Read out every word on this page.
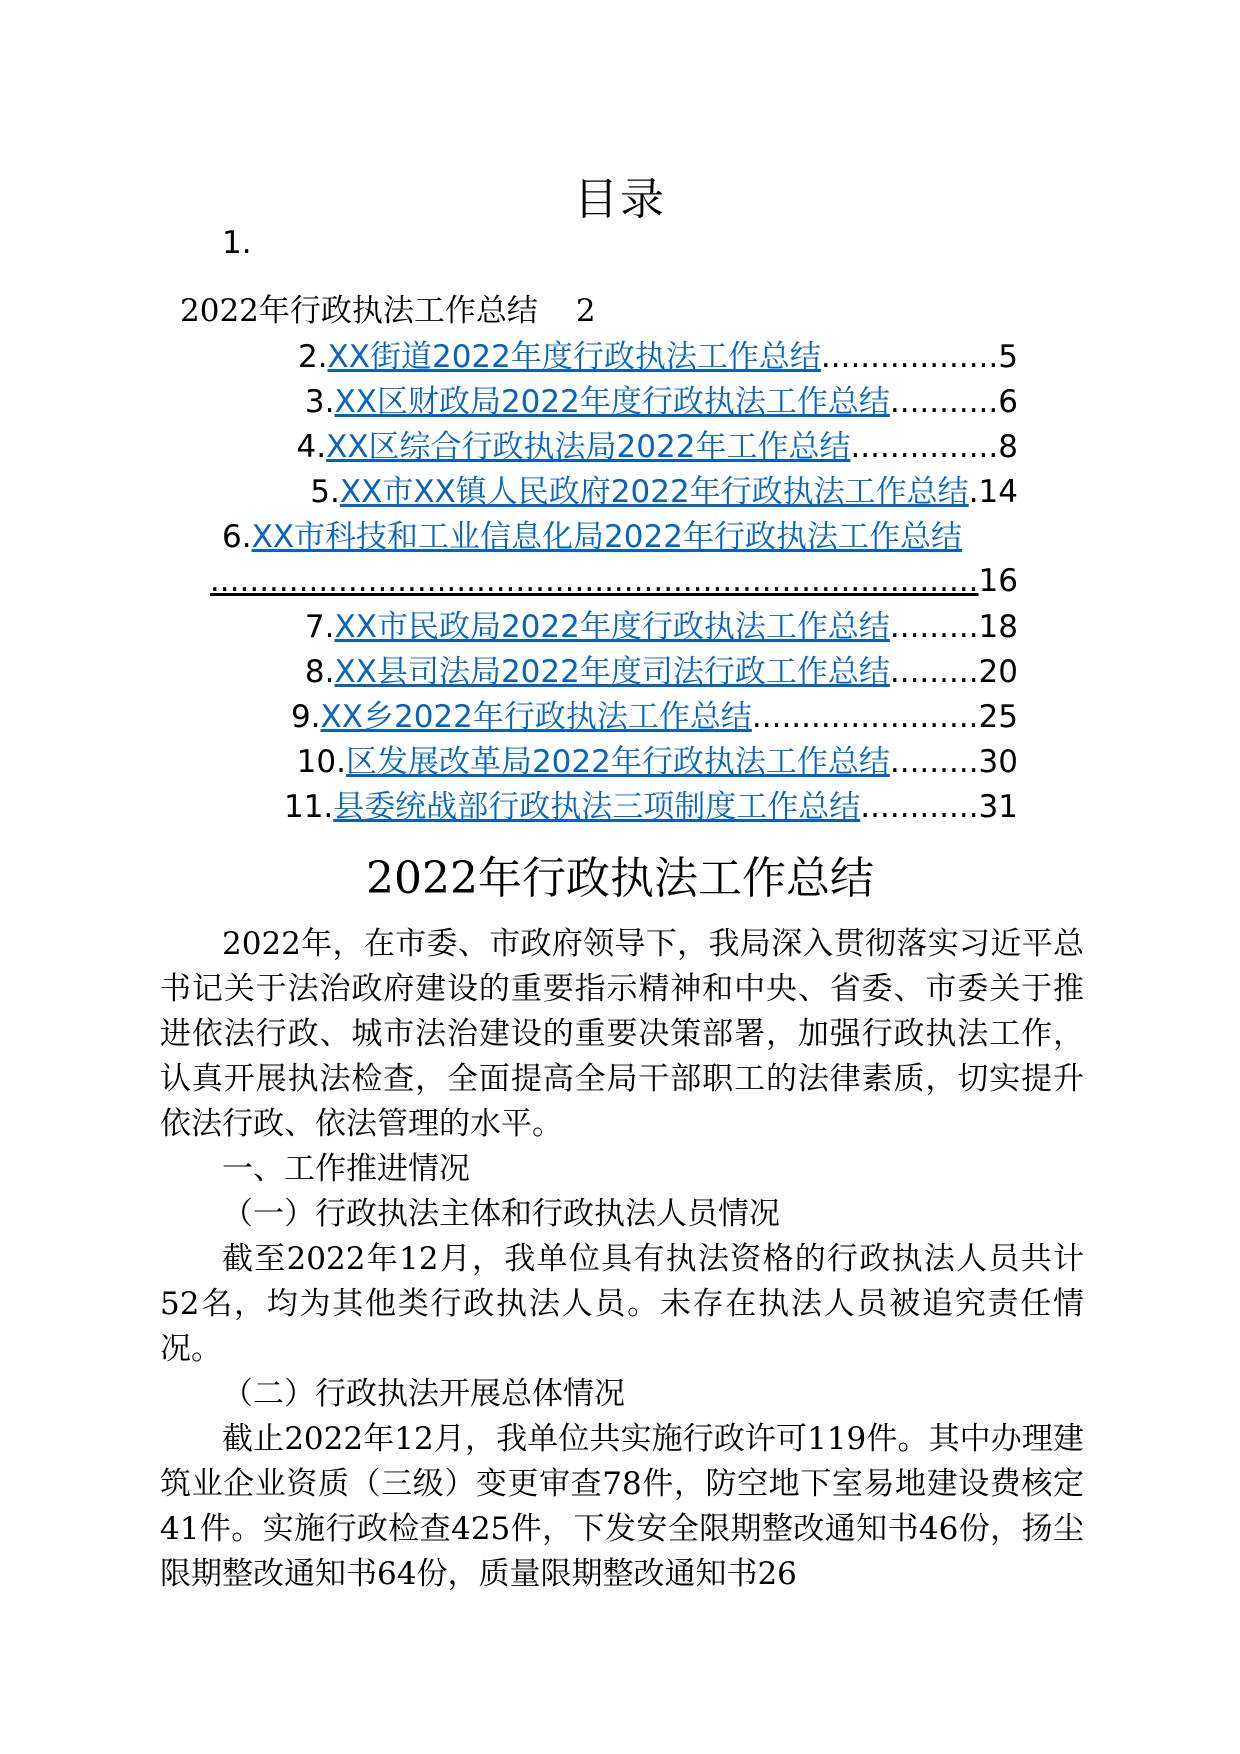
目录
1.
2022年行政执法工作总结 2
2.XX街道2022年度行政执法工作总结..................5
3.XX区财政局2022年度行政执法工作总结...........6
4.XX区综合行政执法局2022年工作总结...............8
5.XX市XX镇人民政府2022年行政执法工作总结.14
6.XX市科技和工业信息化局2022年行政执法工作总结
..............................................................................16
7.XX市民政局2022年度行政执法工作总结.........18
8.XX县司法局2022年度司法行政工作总结.........20
9.XX乡2022年行政执法工作总结.......................25
10.区发展改革局2022年行政执法工作总结.........30
11.县委统战部行政执法三项制度工作总结............31
2022年行政执法工作总结
2022年，在市委、市政府领导下，我局深入贯彻落实习近平总书记关于法治政府建设的重要指示精神和中央、省委、市委关于推进依法行政、城市法治建设的重要决策部署，加强行政执法工作，认真开展执法检查，全面提高全局干部职工的法律素质，切实提升依法行政、依法管理的水平。
一、工作推进情况
（一）行政执法主体和行政执法人员情况
截至2022年12月，我单位具有执法资格的行政执法人员共计52名，均为其他类行政执法人员。未存在执法人员被追究责任情况。
（二）行政执法开展总体情况
截止2022年12月，我单位共实施行政许可119件。其中办理建筑业企业资质（三级）变更审查78件，防空地下室易地建设费核定41件。实施行政检查425件，下发安全限期整改通知书46份，扬尘限期整改通知书64份，质量限期整改通知书26
